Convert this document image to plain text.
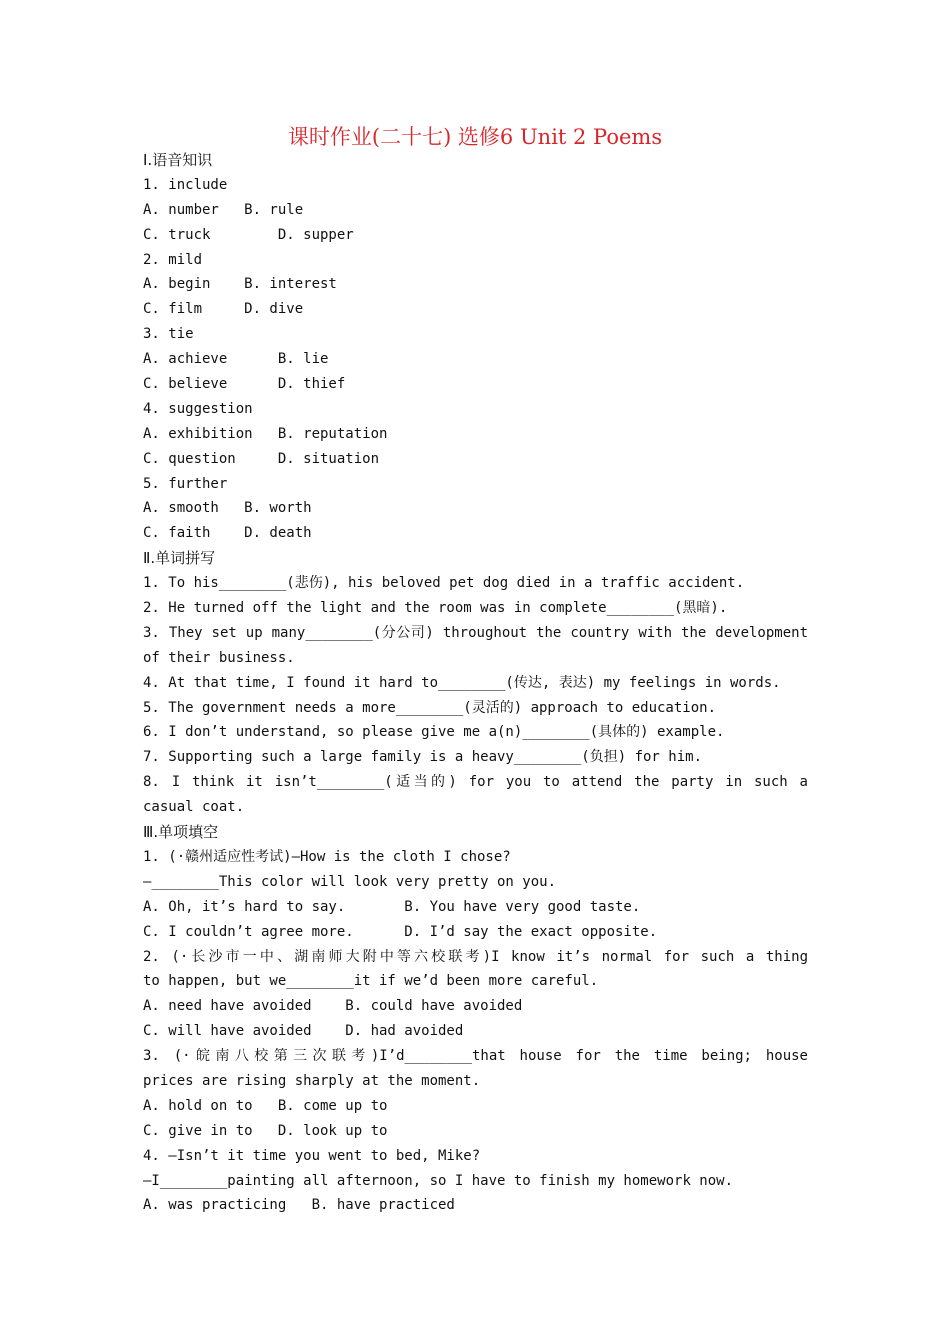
课时作业(二十七) 选修6 Unit 2 Poems
Ⅰ.语音知识
1. include
A. number   B. rule
C. truck        D. supper
2. mild
A. begin    B. interest
C. film     D. dive
3. tie
A. achieve      B. lie
C. believe      D. thief
4. suggestion
A. exhibition   B. reputation
C. question     D. situation
5. further
A. smooth   B. worth
C. faith    D. death
Ⅱ.单词拼写
1. To his________(悲伤), his beloved pet dog died in a traffic accident.
2. He turned off the light and the room was in complete________(黑暗).
3. They set up many________(分公司) throughout the country with the development
of their business.
4. At that time, I found it hard to________(传达, 表达) my feelings in words.
5. The government needs a more________(灵活的) approach to education.
6. I don’t understand, so please give me a(n)________(具体的) example.
7. Supporting such a large family is a heavy________(负担) for him.
8. I think it isn’t________(适当的) for you to attend the party in such a
casual coat.
Ⅲ.单项填空
1. (·赣州适应性考试)—How is the cloth I chose?
—________This color will look very pretty on you.
A. Oh, it’s hard to say.       B. You have very good taste.
C. I couldn’t agree more.      D. I’d say the exact opposite.
2. (·长沙市一中、湖南师大附中等六校联考)I know it’s normal for such a thing
to happen, but we________it if we’d been more careful.
A. need have avoided    B. could have avoided
C. will have avoided    D. had avoided
3. (·皖南八校第三次联考)I’d________that house for the time being; house
prices are rising sharply at the moment.
A. hold on to   B. come up to
C. give in to   D. look up to
4. —Isn’t it time you went to bed, Mike?
—I________painting all afternoon, so I have to finish my homework now.
A. was practicing   B. have practiced
